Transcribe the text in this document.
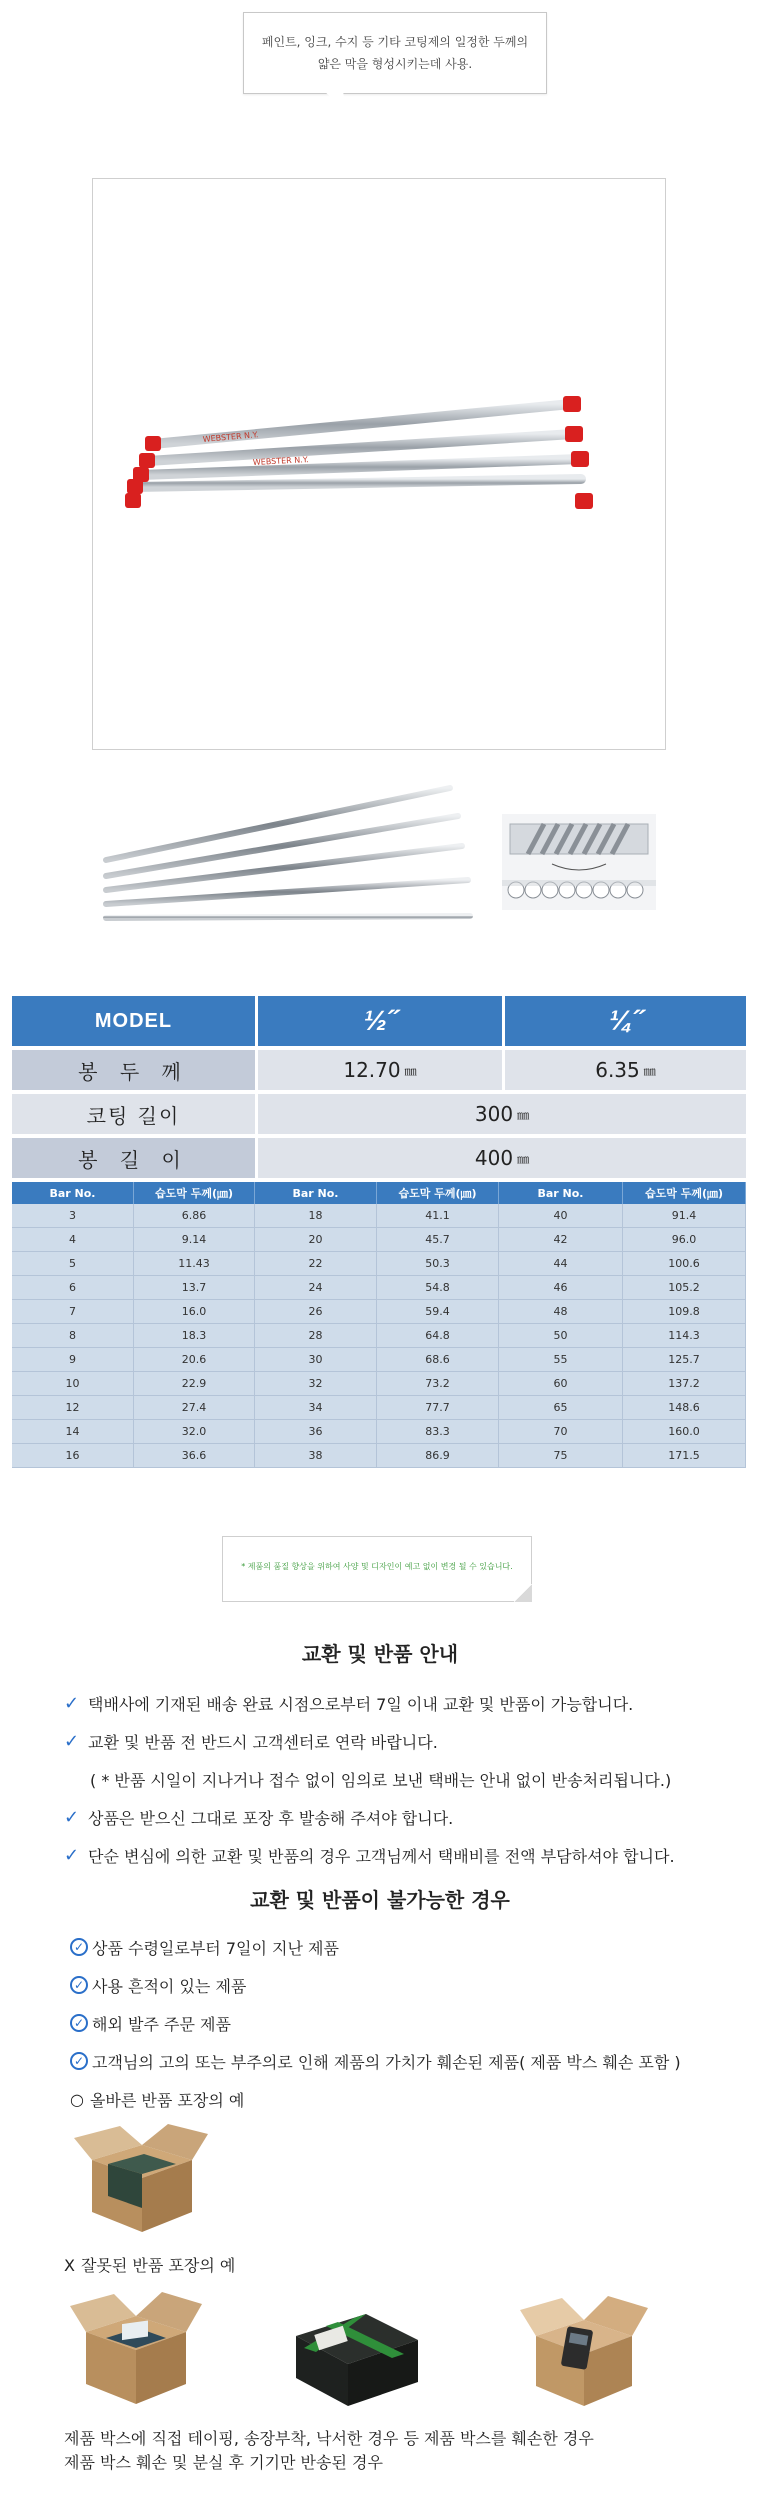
페인트, 잉크, 수지 등 기타 코팅제의 일정한 두께의
얇은 막을 형성시키는데 사용.

WEBSTER N.Y.
WEBSTER N.Y.
MODEL	½˝	¼˝
봉 두 께	12.70 ㎜	6.35 ㎜
코팅 길이	300 ㎜
봉 길 이	400 ㎜
Bar No.	습도막 두께(㎛)	Bar No.	습도막 두께(㎛)	Bar No.	습도막 두께(㎛)
3	6.86	18	41.1	40	91.4
4	9.14	20	45.7	42	96.0
5	11.43	22	50.3	44	100.6
6	13.7	24	54.8	46	105.2
7	16.0	26	59.4	48	109.8
8	18.3	28	64.8	50	114.3
9	20.6	30	68.6	55	125.7
10	22.9	32	73.2	60	137.2
12	27.4	34	77.7	65	148.6
14	32.0	36	83.3	70	160.0
16	36.6	38	86.9	75	171.5

* 제품의 품질 향상을 위하여 사양 및 디자인이 예고 없이 변경 될 수 있습니다.

교환 및 반품 안내
✓ 택배사에 기재된 배송 완료 시점으로부터 7일 이내 교환 및 반품이 가능합니다.
✓ 교환 및 반품 전 반드시 고객센터로 연락 바랍니다.
( * 반품 시일이 지나거나 접수 없이 임의로 보낸 택배는 안내 없이 반송처리됩니다.)
✓ 상품은 받으신 그대로 포장 후 발송해 주셔야 합니다.
✓ 단순 변심에 의한 교환 및 반품의 경우 고객님께서 택배비를 전액 부담하셔야 합니다.
교환 및 반품이 불가능한 경우
✓ 상품 수령일로부터 7일이 지난 제품
✓ 사용 흔적이 있는 제품
✓ 해외 발주 주문 제품
✓ 고객님의 고의 또는 부주의로 인해 제품의 가치가 훼손된 제품( 제품 박스 훼손 포함 )
○ 올바른 반품 포장의 예
X 잘못된 반품 포장의 예
제품 박스에 직접 테이핑, 송장부착, 낙서한 경우 등 제품 박스를 훼손한 경우
제품 박스 훼손 및 분실 후 기기만 반송된 경우
